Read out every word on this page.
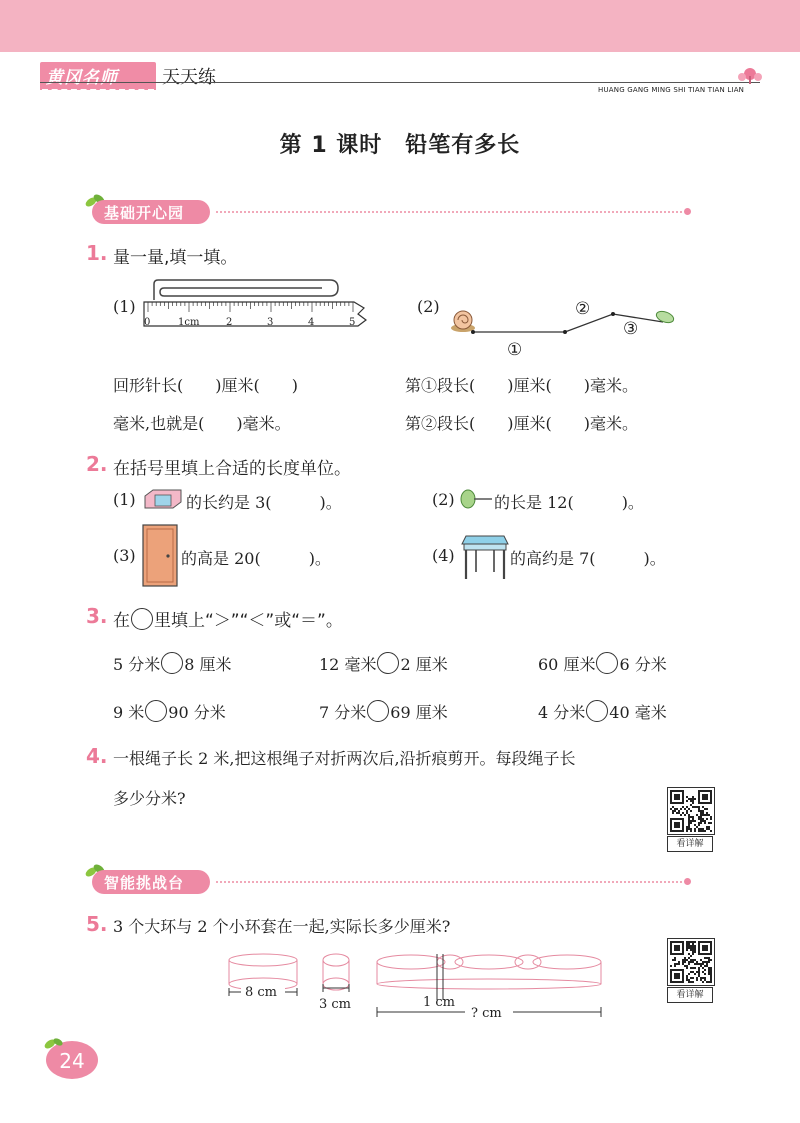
黄冈名师 天天练
HUANG GANG MING SHI TIAN TIAN LIAN
第 1 课时　铅笔有多长
基础开心园
1. 量一量,填一填。
(1)
0	1cm	2	3	4	5
(2)
①
②
③
回形针长(　　)厘米(　　)
毫米,也就是(　　)毫米。
第①段长(　　)厘米(　　)毫米。
第②段长(　　)厘米(　　)毫米。
2. 在括号里填上合适的长度单位。
(1)	的长约是 3(　　　)。	(2) 的长是 12(　　　)。
(3)	的高是 20(　　　)。	(4)	的高约是 7(　　　)。
3. 在 里填上“＞”“＜”或“＝”。
5 分米 8 厘米	12 毫米 2 厘米	60 厘米 6 分米
9 米 90 分米	7 分米 69 厘米	4 分米 40 毫米
4. 一根绳子长 2 米,把这根绳子对折两次后,沿折痕剪开。每段绳子长
多少分米?
看详解
智能挑战台
5. 3 个大环与 2 个小环套在一起,实际长多少厘米?
看详解
8 cm
3 cm	1 cm
? cm
24
